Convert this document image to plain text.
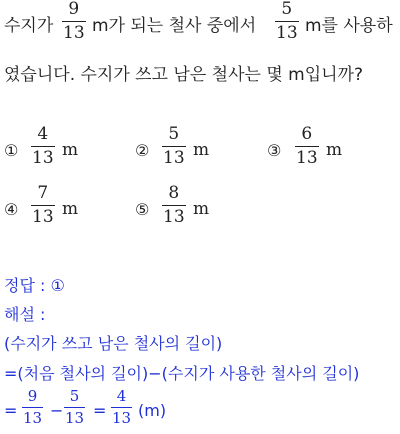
수지가
9
13 m가 되는 철사 중에서
5
13 m를 사용하
였습니다. 수지가 쓰고 남은 철사는 몇 m입니까?
①
4
13 m	②
5
13 m	③
6
13 m
④
7
13 m	⑤
8
13 m
정답 : ①
해설 :
(수지가 쓰고 남은 철사의 길이)
=(처음 철사의 길이)−(수지가 사용한 철사의 길이)
=
9
13 −
5
13 =
4
13 (m)
